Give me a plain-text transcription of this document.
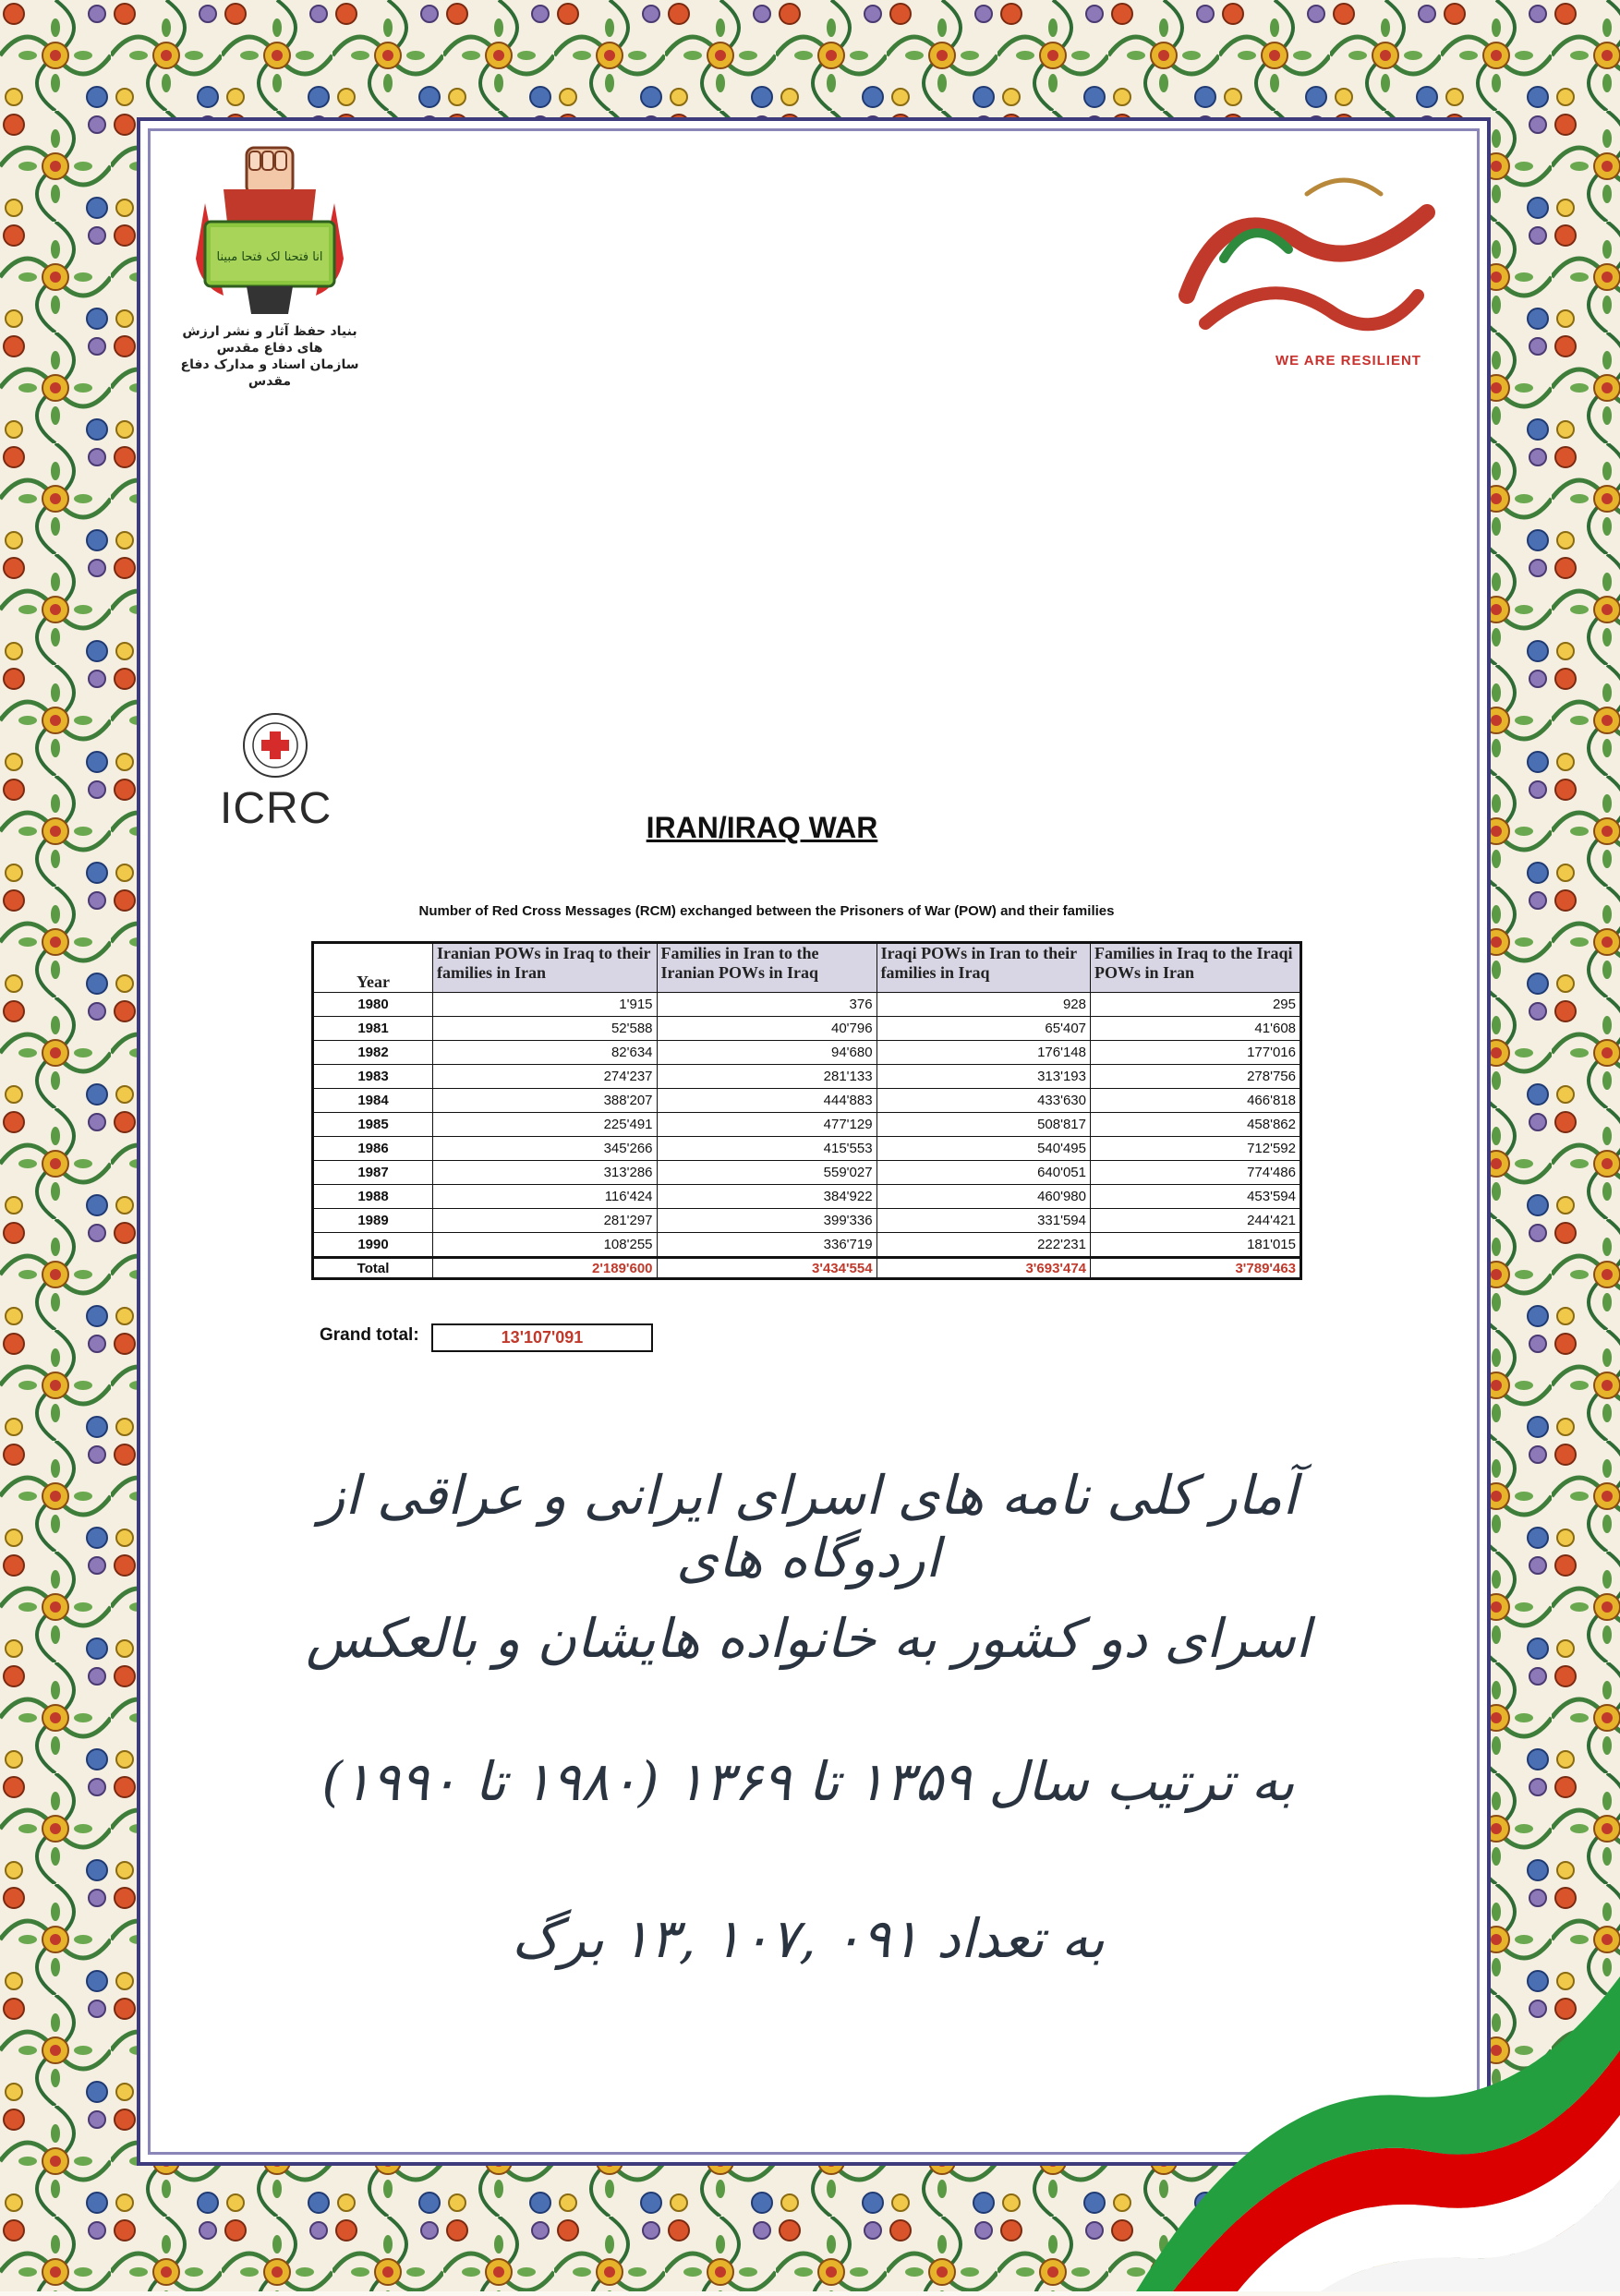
انا فتحنا لک فتحا مبینا
بنیاد حفظ آثار و نشر ارزش های دفاع مقدس
سازمان اسناد و مدارک دفاع مقدس
WE ARE RESILIENT
ICRC	IRAN/IRAQ WAR
Number of Red Cross Messages (RCM) exchanged between the Prisoners of War (POW) and their families
Year	Iranian POWs in Iraq to their families in Iran	Families in Iran to the Iranian POWs in Iraq	Iraqi POWs in Iran to their families in Iraq	Families in Iraq to the Iraqi POWs in Iran
1980	1'915	376	928	295
1981	52'588	40'796	65'407	41'608
1982	82'634	94'680	176'148	177'016
1983	274'237	281'133	313'193	278'756
1984	388'207	444'883	433'630	466'818
1985	225'491	477'129	508'817	458'862
1986	345'266	415'553	540'495	712'592
1987	313'286	559'027	640'051	774'486
1988	116'424	384'922	460'980	453'594
1989	281'297	399'336	331'594	244'421
1990	108'255	336'719	222'231	181'015
Total	2'189'600	3'434'554	3'693'474	3'789'463
Grand total:	13'107'091
آمار کلی نامه های اسرای ایرانی و عراقی از اردوگاه های
اسرای دو کشور به خانواده هایشان و بالعکس
به ترتیب سال ۱۳۵۹ تا ۱۳۶۹ (۱۹۸۰ تا ۱۹۹۰)
به تعداد ۰۹۱ ,۱۰۷ ,۱۳ برگ
